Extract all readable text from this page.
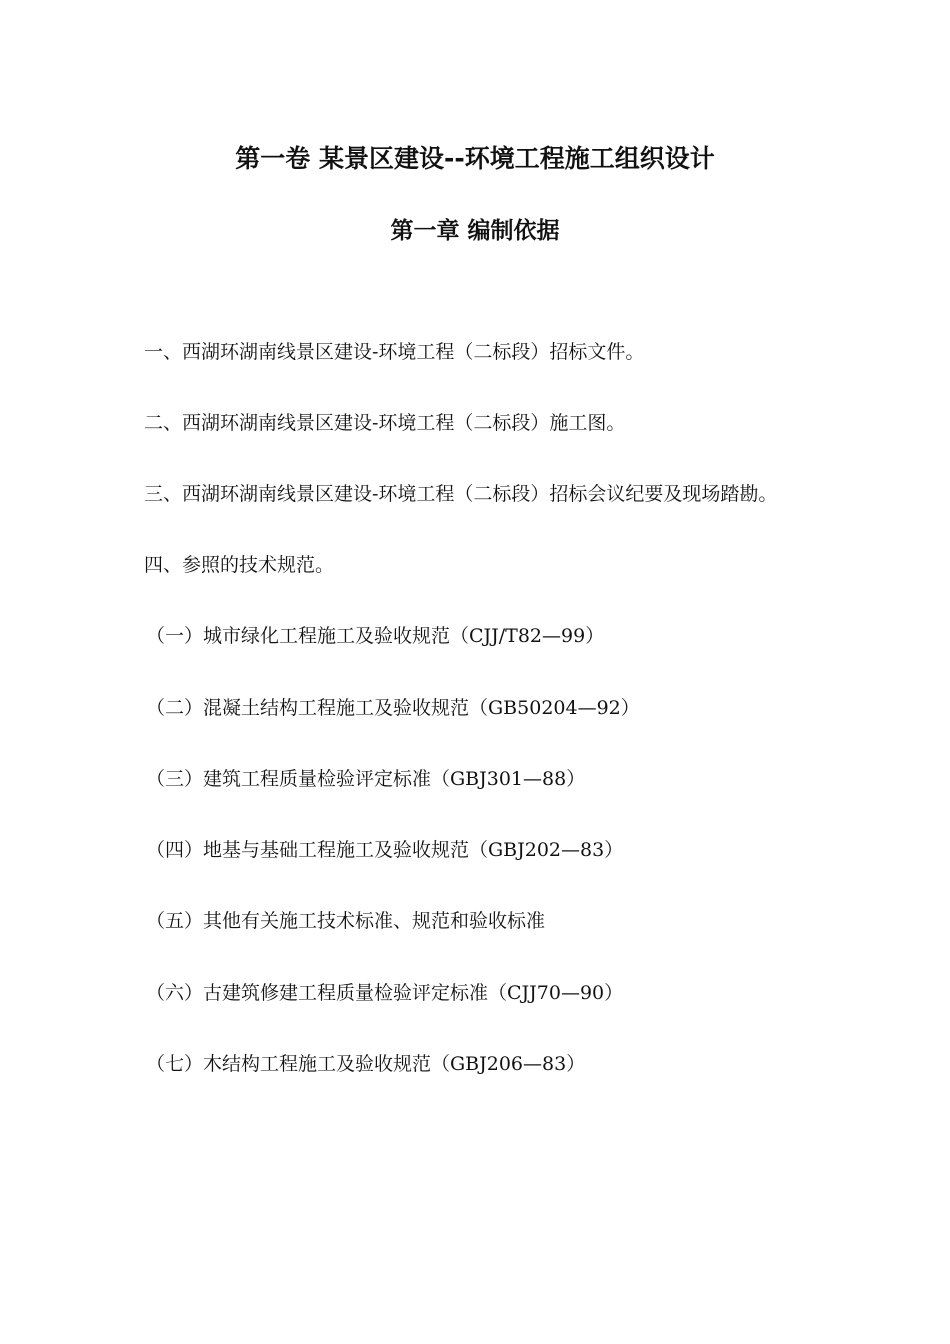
第一卷 某景区建设--环境工程施工组织设计
第一章 编制依据

一、西湖环湖南线景区建设-环境工程（二标段）招标文件。

二、西湖环湖南线景区建设-环境工程（二标段）施工图。

三、西湖环湖南线景区建设-环境工程（二标段）招标会议纪要及现场踏勘。

四、参照的技术规范。

（一）城市绿化工程施工及验收规范（CJJ/T82—99）

（二）混凝土结构工程施工及验收规范（GB50204—92）

（三）建筑工程质量检验评定标准（GBJ301—88）

（四）地基与基础工程施工及验收规范（GBJ202—83）

（五）其他有关施工技术标准、规范和验收标准

（六）古建筑修建工程质量检验评定标准（CJJ70—90）

（七）木结构工程施工及验收规范（GBJ206—83）
